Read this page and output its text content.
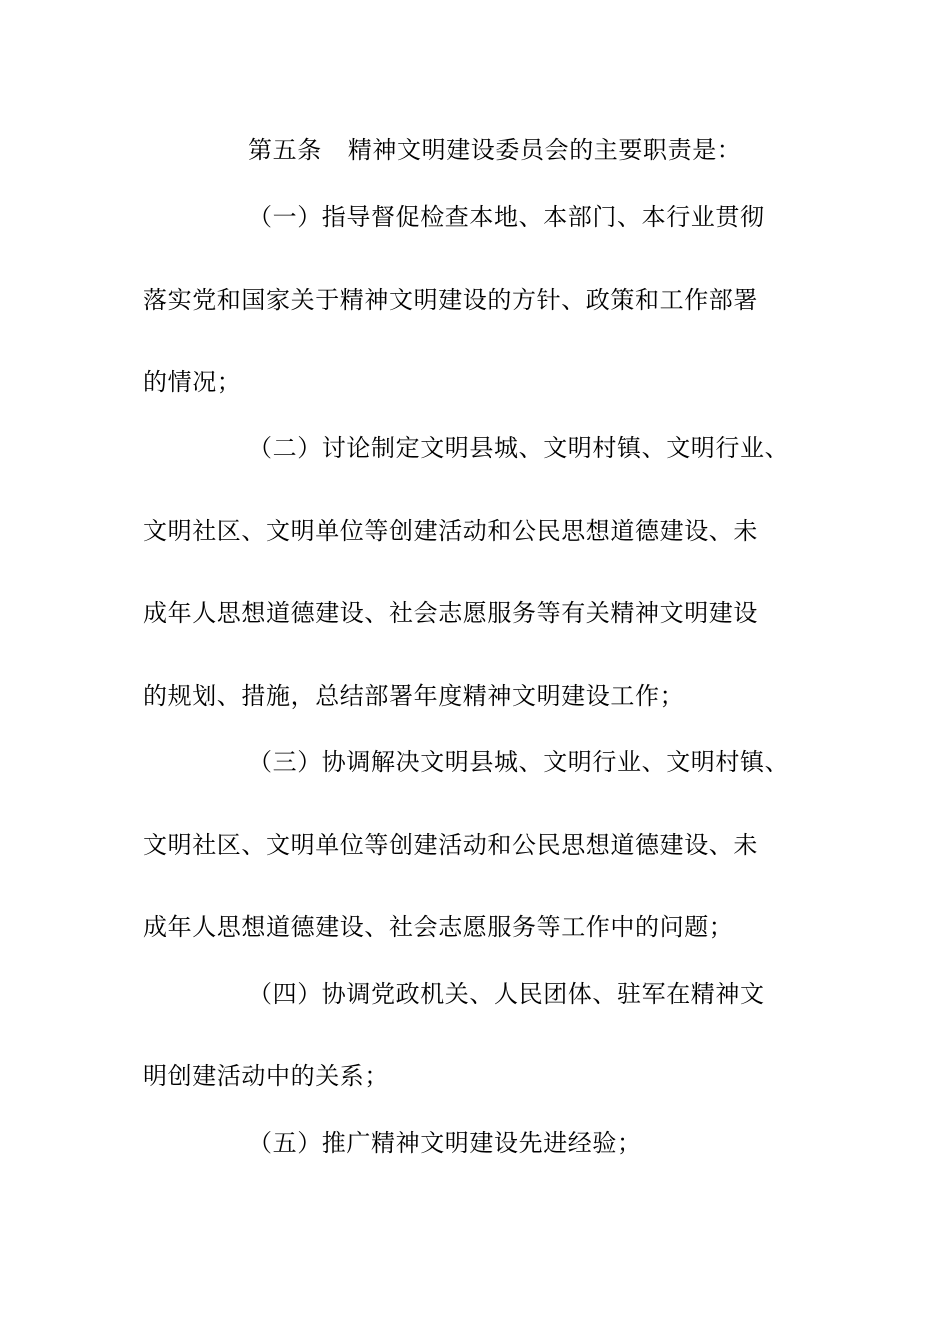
第五条 精神文明建设委员会的主要职责是：
（一）指导督促检查本地、本部门、本行业贯彻
落实党和国家关于精神文明建设的方针、政策和工作部署
的情况；
（二）讨论制定文明县城、文明村镇、文明行业、
文明社区、文明单位等创建活动和公民思想道德建设、未
成年人思想道德建设、社会志愿服务等有关精神文明建设
的规划、措施，总结部署年度精神文明建设工作；
（三）协调解决文明县城、文明行业、文明村镇、
文明社区、文明单位等创建活动和公民思想道德建设、未
成年人思想道德建设、社会志愿服务等工作中的问题；
（四）协调党政机关、人民团体、驻军在精神文
明创建活动中的关系；
（五）推广精神文明建设先进经验；
